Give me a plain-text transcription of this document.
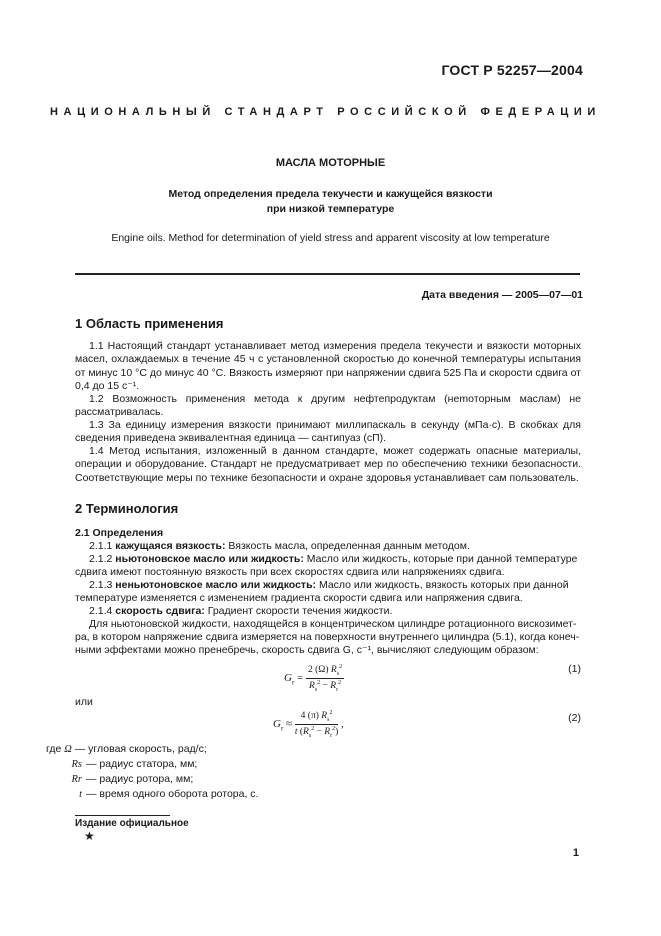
ГОСТ Р 52257—2004
НАЦИОНАЛЬНЫЙ СТАНДАРТ РОССИЙСКОЙ ФЕДЕРАЦИИ
МАСЛА МОТОРНЫЕ
Метод определения предела текучести и кажущейся вязкости
при низкой температуре
Engine oils. Method for determination of yield stress and apparent viscosity at low temperature
Дата введения — 2005—07—01
1 Область применения
1.1 Настоящий стандарт устанавливает метод измерения предела текучести и вязкости моторных масел, охлаждаемых в течение 45 ч с установленной скоростью до конечной температуры испытания от минус 10 °C до минус 40 °C. Вязкость измеряют при напряжении сдвига 525 Па и скорости сдвига от 0,4 до 15 с⁻¹.
1.2 Возможность применения метода к другим нефтепродуктам (неmoторным маслам) не рассматривалась.
1.3 За единицу измерения вязкости принимают миллипаскаль в секунду (мПа·с). В скобках для сведения приведена эквивалентная единица — сантипуаз (сП).
1.4 Метод испытания, изложенный в данном стандарте, может содержать опасные материалы, операции и оборудование. Стандарт не предусматривает мер по обеспечению техники безопасности. Соответствующие меры по технике безопасности и охране здоровья устанавливает сам пользователь.
2 Терминология
2.1 Определения
2.1.1 кажущаяся вязкость: Вязкость масла, определенная данным методом.
2.1.2 ньютоновское масло или жидкость: Масло или жидкость, которые при данной температуре
сдвига имеют постоянную вязкость при всех скоростях сдвига или напряжениях сдвига.
2.1.3 неньютоновское масло или жидкость: Масло или жидкость, вязкость которых при данной
температуре изменяется с изменением градиента скорости сдвига или напряжения сдвига.
2.1.4 скорость сдвига: Градиент скорости течения жидкости.
Для ньютоновской жидкости, находящейся в концентрическом цилиндре ротационного вискозимет-
ра, в котором напряжение сдвига измеряется на поверхности внутреннего цилиндра (5.1), когда конеч-
ными эффектами можно пренебречь, скорость сдвига G, с⁻¹, вычисляют следующим образом:
$G_r = \frac{2 (\Omega) R_s^2}{R_s^2 - R_r^2}$	(1)
или
$G_r \approx \frac{4 (\pi) R_s^2}{t (R_s^2 - R_r^2)}$ ,
(2)
где Ω — угловая скорость, рад/с;
Rs — радиус статора, мм;
Rr — радиус ротора, мм;
t — время одного оборота ротора, с.
Издание официальное
★
1
